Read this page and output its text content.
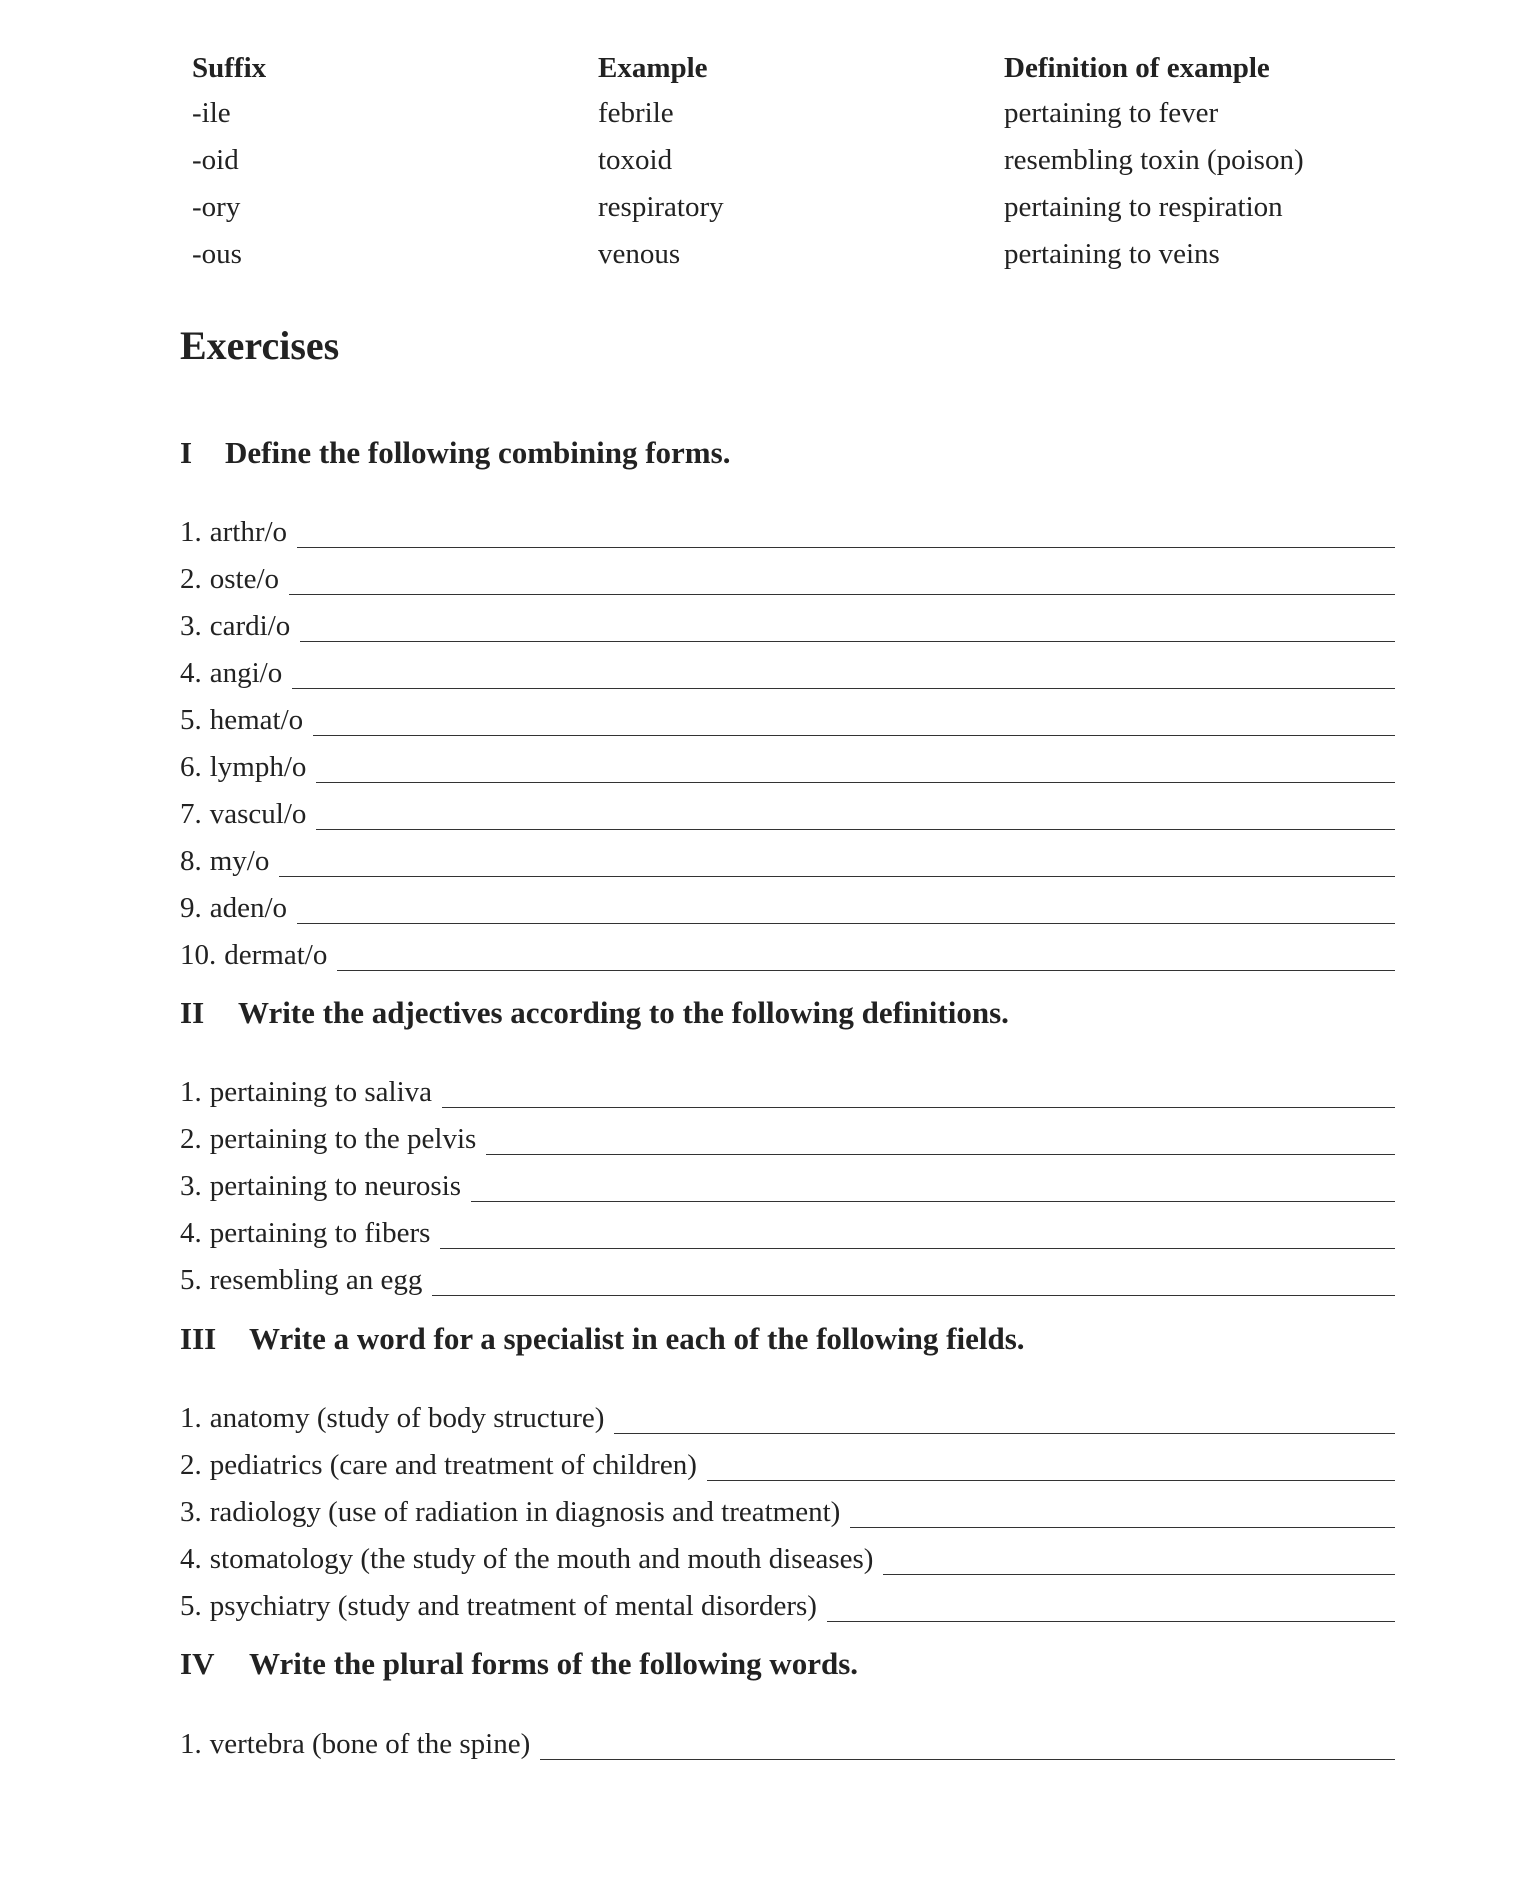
Suffix	Example	Definition of example
-ile	febrile	pertaining to fever
-oid	toxoid	resembling toxin (poison)
-ory	respiratory	pertaining to respiration
-ous	venous	pertaining to veins
Exercises
I Define the following combining forms.
1. arthr/o
2. oste/o
3. cardi/o
4. angi/o
5. hemat/o
6. lymph/o
7. vascul/o
8. my/o
9. aden/o
10. dermat/o
II Write the adjectives according to the following definitions.
1. pertaining to saliva
2. pertaining to the pelvis
3. pertaining to neurosis
4. pertaining to fibers
5. resembling an egg
III Write a word for a specialist in each of the following fields.
1. anatomy (study of body structure)
2. pediatrics (care and treatment of children)
3. radiology (use of radiation in diagnosis and treatment)
4. stomatology (the study of the mouth and mouth diseases)
5. psychiatry (study and treatment of mental disorders)
IV Write the plural forms of the following words.
1. vertebra (bone of the spine)
